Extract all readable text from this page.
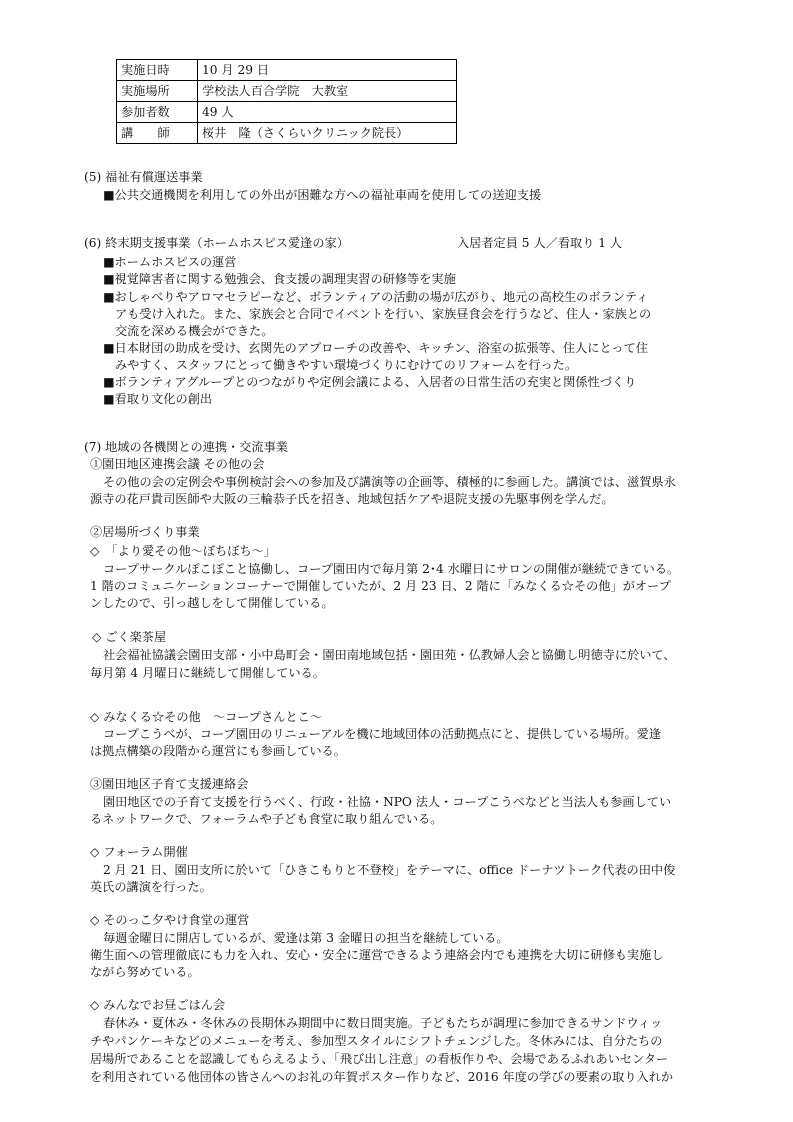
実施日時	10 月 29 日
実施場所	学校法人百合学院　大教室
参加者数	49 人
講　　師	桜井　隆（さくらいクリニック院長）
(5) 福祉有償運送事業
■公共交通機関を利用しての外出が困難な方への福祉車両を使用しての送迎支援
(6) 終末期支援事業（ホームホスピス愛逢の家）	入居者定員 5 人／看取り 1 人
■ホームホスピスの運営
■視覚障害者に関する勉強会、食支援の調理実習の研修等を実施
■おしゃべりやアロマセラピーなど、ボランティアの活動の場が広がり、地元の高校生のボランティ
アも受け入れた。また、家族会と合同でイベントを行い、家族昼食会を行うなど、住人・家族との
交流を深める機会ができた。
■日本財団の助成を受け、玄関先のアプローチの改善や、キッチン、浴室の拡張等、住人にとって住
みやすく、スタッフにとって働きやすい環境づくりにむけてのリフォームを行った。
■ボランティアグループとのつながりや定例会議による、入居者の日常生活の充実と関係性づくり
■看取り文化の創出
(7) 地域の各機関との連携・交流事業
①園田地区連携会議 その他の会
その他の会の定例会や事例検討会への参加及び講演等の企画等、積極的に参画した。講演では、滋賀県永
源寺の花戸貴司医師や大阪の三輪恭子氏を招き、地域包括ケアや退院支援の先駆事例を学んだ。
②居場所づくり事業
◇　「より愛その他～ぼちぼち～」
コープサークルぽこぽこと協働し、コープ園田内で毎月第 2･4 水曜日にサロンの開催が継続できている。
1 階のコミュニケーションコーナーで開催していたが、2 月 23 日、2 階に「みなくる☆その他」がオープ
ンしたので、引っ越しをして開催している。
◇ ごく楽茶屋
社会福祉協議会園田支部・小中島町会・園田南地域包括・園田苑・仏教婦人会と協働し明徳寺に於いて、
毎月第 4 月曜日に継続して開催している。
◇ みなくる☆その他　～コープさんとこ～
コープこうべが、コープ園田のリニューアルを機に地域団体の活動拠点にと、提供している場所。愛逢
は拠点構築の段階から運営にも参画している。
③園田地区子育て支援連絡会
園田地区での子育て支援を行うべく、行政・社協・NPO 法人・コープこうべなどと当法人も参画してい
るネットワークで、フォーラムや子ども食堂に取り組んでいる。
◇ フォーラム開催
2 月 21 日、園田支所に於いて「ひきこもりと不登校」をテーマに、office ドーナツトーク代表の田中俊
英氏の講演を行った。
◇ そのっこ夕やけ食堂の運営
毎週金曜日に開店しているが、愛逢は第 3 金曜日の担当を継続している。
衛生面への管理徹底にも力を入れ、安心・安全に運営できるよう連絡会内でも連携を大切に研修も実施し
ながら努めている。
◇ みんなでお昼ごはん会
春休み・夏休み・冬休みの長期休み期間中に数日間実施。子どもたちが調理に参加できるサンドウィッ
チやパンケーキなどのメニューを考え、参加型スタイルにシフトチェンジした。冬休みには、自分たちの
居場所であることを認識してもらえるよう、「飛び出し注意」の看板作りや、会場であるふれあいセンター
を利用されている他団体の皆さんへのお礼の年賀ポスター作りなど、2016 年度の学びの要素の取り入れか
